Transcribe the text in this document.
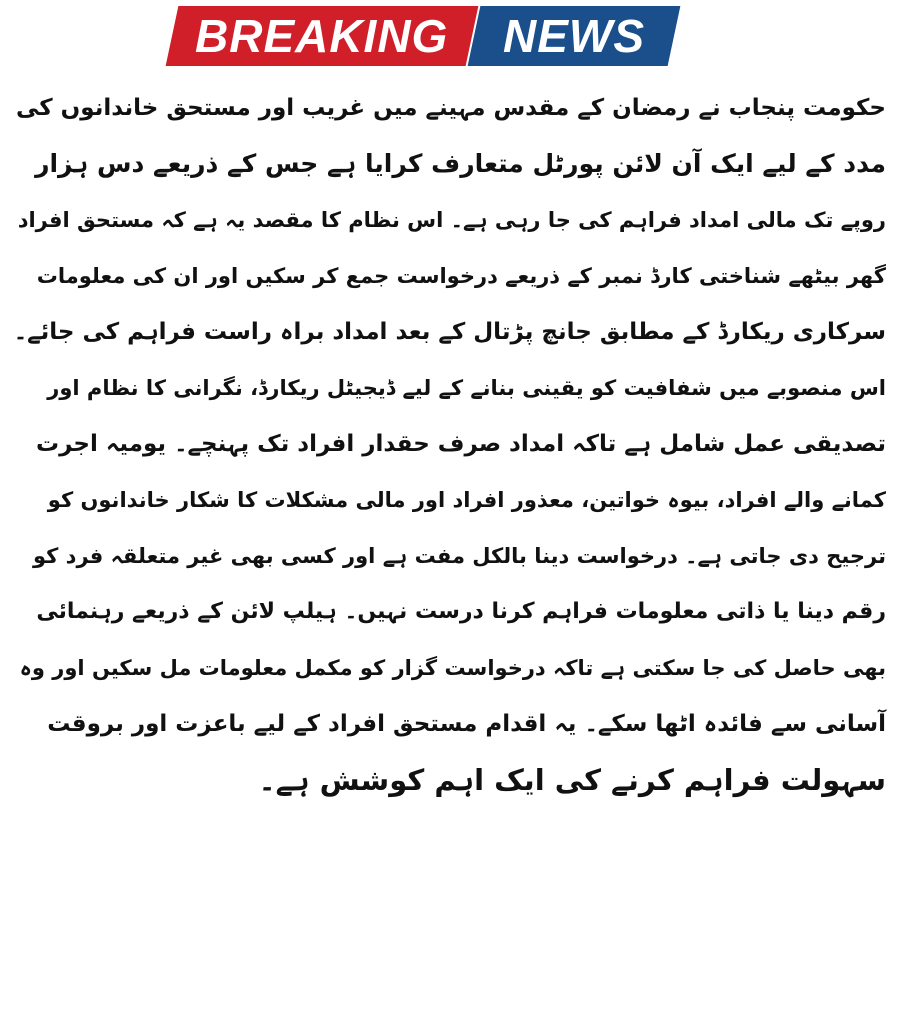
BREAKING NEWS
حکومت پنجاب نے رمضان کے مقدس مہینے میں غریب اور مستحق خاندانوں کی
مدد کے لیے ایک آن لائن پورٹل متعارف کرایا ہے جس کے ذریعے دس ہزار
روپے تک مالی امداد فراہم کی جا رہی ہے۔ اس نظام کا مقصد یہ ہے کہ مستحق افراد
گھر بیٹھے شناختی کارڈ نمبر کے ذریعے درخواست جمع کر سکیں اور ان کی معلومات
سرکاری ریکارڈ کے مطابق جانچ پڑتال کے بعد امداد براہ راست فراہم کی جائے۔
اس منصوبے میں شفافیت کو یقینی بنانے کے لیے ڈیجیٹل ریکارڈ، نگرانی کا نظام اور
تصدیقی عمل شامل ہے تاکہ امداد صرف حقدار افراد تک پہنچے۔ یومیہ اجرت
کمانے والے افراد، بیوہ خواتین، معذور افراد اور مالی مشکلات کا شکار خاندانوں کو
ترجیح دی جاتی ہے۔ درخواست دینا بالکل مفت ہے اور کسی بھی غیر متعلقہ فرد کو
رقم دینا یا ذاتی معلومات فراہم کرنا درست نہیں۔ ہیلپ لائن کے ذریعے رہنمائی
بھی حاصل کی جا سکتی ہے تاکہ درخواست گزار کو مکمل معلومات مل سکیں اور وہ
آسانی سے فائدہ اٹھا سکے۔ یہ اقدام مستحق افراد کے لیے باعزت اور بروقت
سہولت فراہم کرنے کی ایک اہم کوشش ہے۔
